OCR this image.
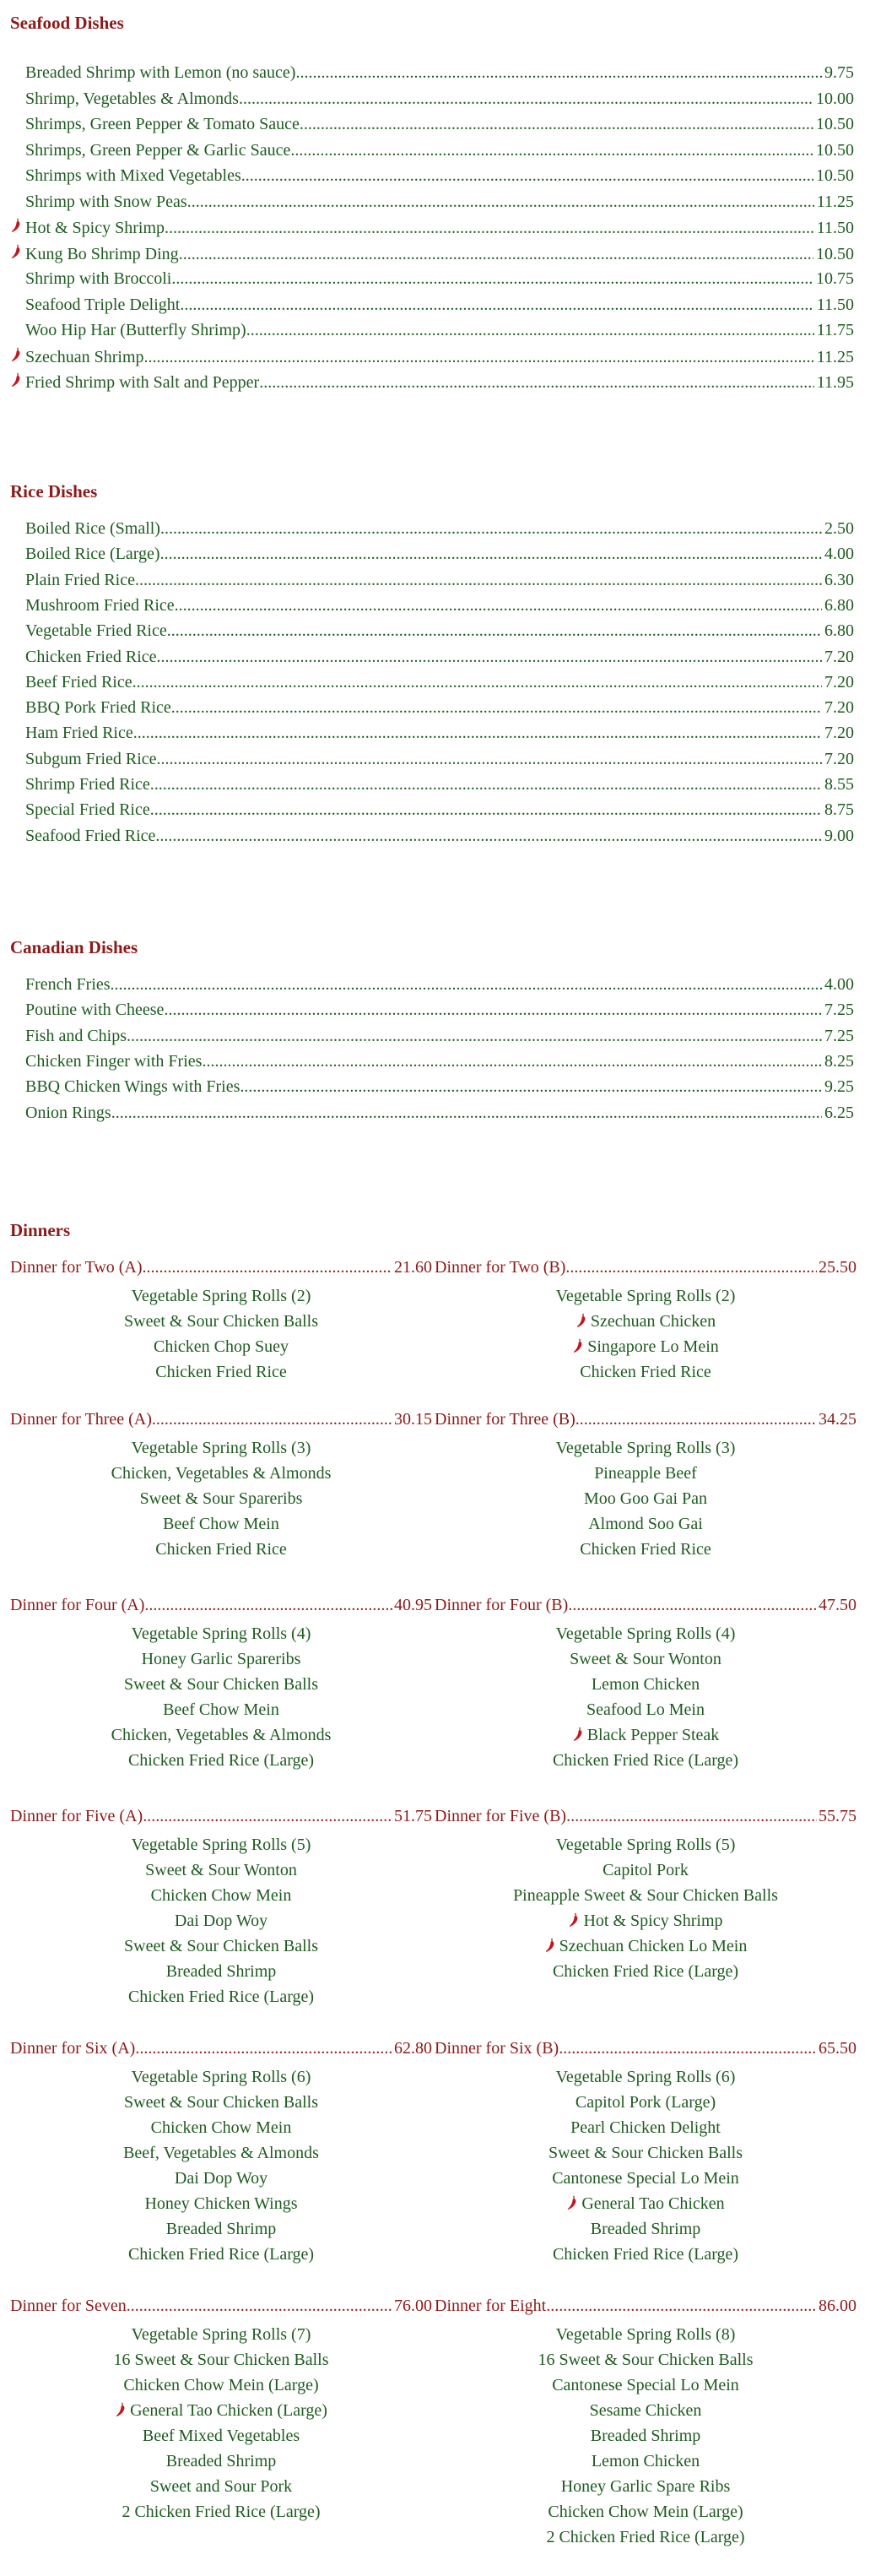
Seafood Dishes
Breaded Shrimp with Lemon (no sauce) .....	9.75
Shrimp, Vegetables & Almonds .....	10.00
Shrimps, Green Pepper & Tomato Sauce .....	10.50
Shrimps, Green Pepper & Garlic Sauce .....	10.50
Shrimps with Mixed Vegetables .....	10.50
Shrimp with Snow Peas .....	11.25
Hot & Spicy Shrimp .....	11.50
Kung Bo Shrimp Ding .....	10.50
Shrimp with Broccoli .....	10.75
Seafood Triple Delight .....	11.50
Woo Hip Har (Butterfly Shrimp) .....	11.75
Szechuan Shrimp .....	11.25
Fried Shrimp with Salt and Pepper .....	11.95
Rice Dishes
Boiled Rice (Small) .....	2.50
Boiled Rice (Large) .....	4.00
Plain Fried Rice .....	6.30
Mushroom Fried Rice .....	6.80
Vegetable Fried Rice .....	6.80
Chicken Fried Rice .....	7.20
Beef Fried Rice .....	7.20
BBQ Pork Fried Rice .....	7.20
Ham Fried Rice .....	7.20
Subgum Fried Rice .....	7.20
Shrimp Fried Rice .....	8.55
Special Fried Rice .....	8.75
Seafood Fried Rice .....	9.00
Canadian Dishes
French Fries .....	4.00
Poutine with Cheese .....	7.25
Fish and Chips .....	7.25
Chicken Finger with Fries .....	8.25
BBQ Chicken Wings with Fries .....	9.25
Onion Rings .....	6.25
Dinners
Dinner for Two (A) .....	21.60
Vegetable Spring Rolls (2)
Sweet & Sour Chicken Balls
Chicken Chop Suey
Chicken Fried Rice
Dinner for Two (B) .....	25.50
Vegetable Spring Rolls (2)
Szechuan Chicken
Singapore Lo Mein
Chicken Fried Rice
Dinner for Three (A) .....	30.15
Vegetable Spring Rolls (3)
Chicken, Vegetables & Almonds
Sweet & Sour Spareribs
Beef Chow Mein
Chicken Fried Rice
Dinner for Three (B) .....	34.25
Vegetable Spring Rolls (3)
Pineapple Beef
Moo Goo Gai Pan
Almond Soo Gai
Chicken Fried Rice
Dinner for Four (A) .....	40.95
Vegetable Spring Rolls (4)
Honey Garlic Spareribs
Sweet & Sour Chicken Balls
Beef Chow Mein
Chicken, Vegetables & Almonds
Chicken Fried Rice (Large)
Dinner for Four (B) .....	47.50
Vegetable Spring Rolls (4)
Sweet & Sour Wonton
Lemon Chicken
Seafood Lo Mein
Black Pepper Steak
Chicken Fried Rice (Large)
Dinner for Five (A) .....	51.75
Vegetable Spring Rolls (5)
Sweet & Sour Wonton
Chicken Chow Mein
Dai Dop Woy
Sweet & Sour Chicken Balls
Breaded Shrimp
Chicken Fried Rice (Large)
Dinner for Five (B) .....	55.75
Vegetable Spring Rolls (5)
Capitol Pork
Pineapple Sweet & Sour Chicken Balls
Hot & Spicy Shrimp
Szechuan Chicken Lo Mein
Chicken Fried Rice (Large)
Dinner for Six (A) .....	62.80
Vegetable Spring Rolls (6)
Sweet & Sour Chicken Balls
Chicken Chow Mein
Beef, Vegetables & Almonds
Dai Dop Woy
Honey Chicken Wings
Breaded Shrimp
Chicken Fried Rice (Large)
Dinner for Six (B) .....	65.50
Vegetable Spring Rolls (6)
Capitol Pork (Large)
Pearl Chicken Delight
Sweet & Sour Chicken Balls
Cantonese Special Lo Mein
General Tao Chicken
Breaded Shrimp
Chicken Fried Rice (Large)
Dinner for Seven .....	76.00
Vegetable Spring Rolls (7)
16 Sweet & Sour Chicken Balls
Chicken Chow Mein (Large)
General Tao Chicken (Large)
Beef Mixed Vegetables
Breaded Shrimp
Sweet and Sour Pork
2 Chicken Fried Rice (Large)
Dinner for Eight .....	86.00
Vegetable Spring Rolls (8)
16 Sweet & Sour Chicken Balls
Cantonese Special Lo Mein
Sesame Chicken
Breaded Shrimp
Lemon Chicken
Honey Garlic Spare Ribs
Chicken Chow Mein (Large)
2 Chicken Fried Rice (Large)
